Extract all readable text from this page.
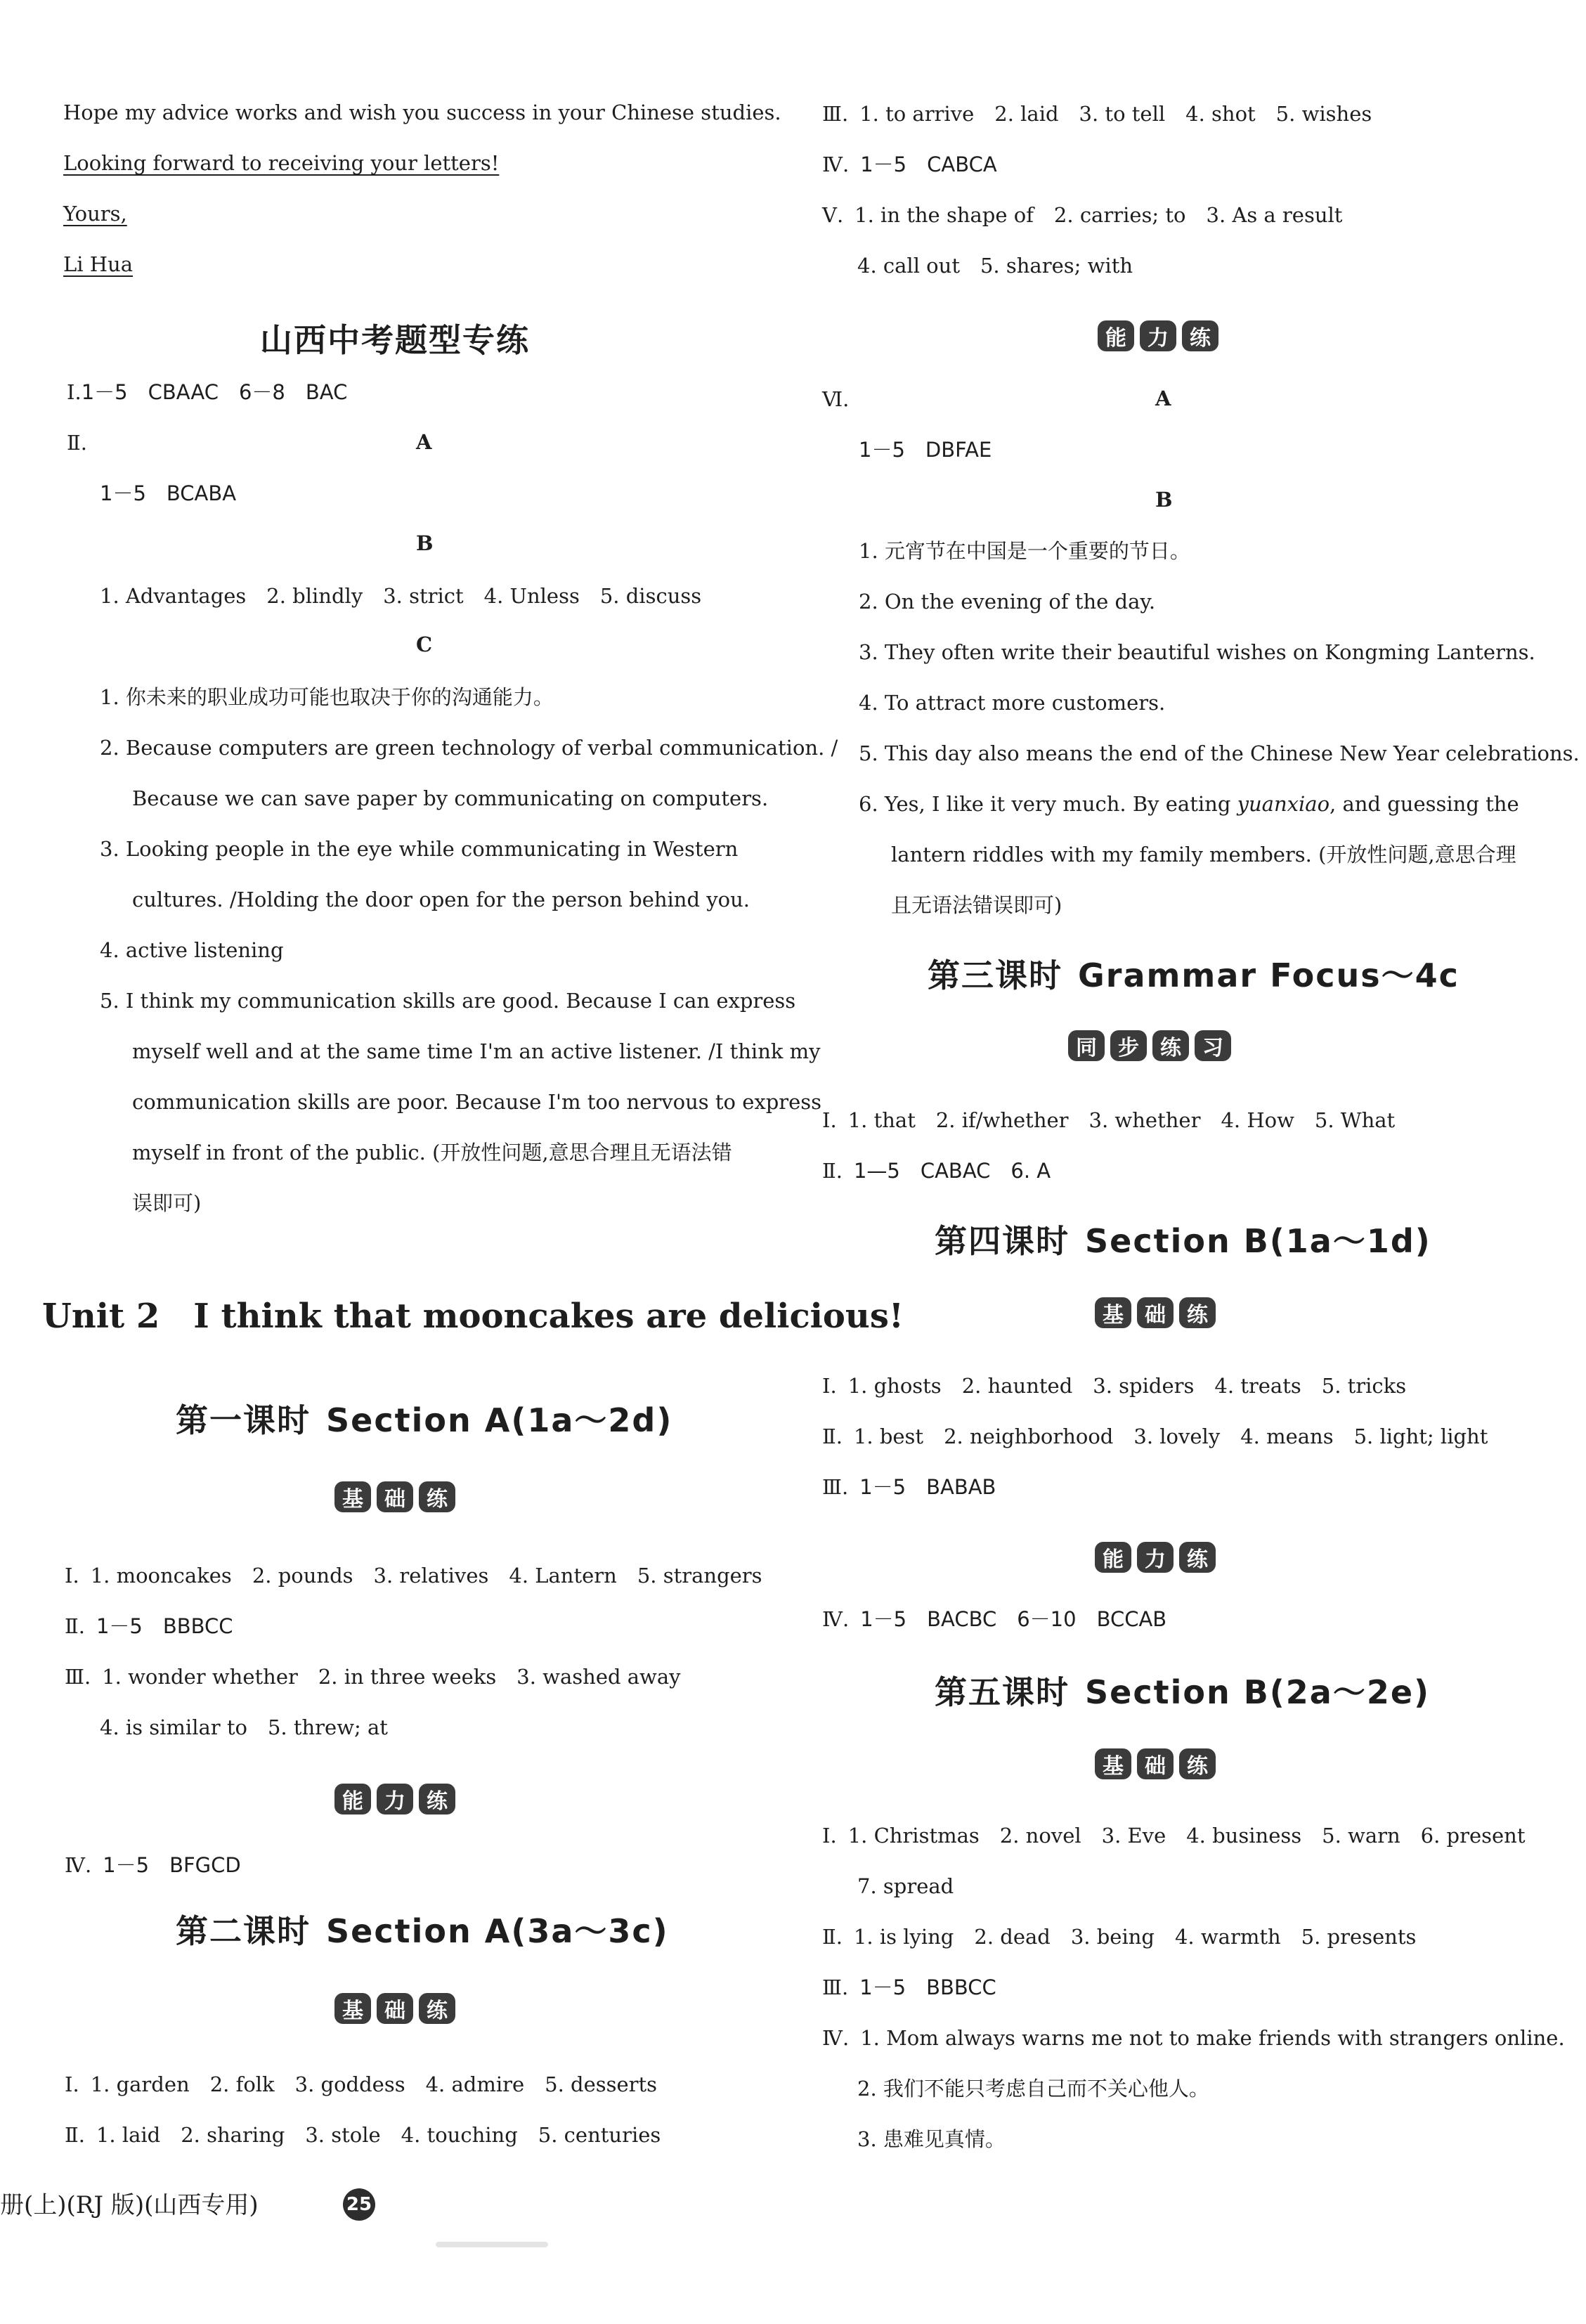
Hope my advice works and wish you success in your Chinese studies.
Looking forward to receiving your letters!
Yours,
Li Hua
山西中考题型专练
Ⅰ.1－5　CBAAC　6－8　BAC
Ⅱ.	A
1－5　BCABA
B
1. Advantages　2. blindly　3. strict　4. Unless　5. discuss
C
1. 你未来的职业成功可能也取决于你的沟通能力。
2. Because computers are green technology of verbal communication. /
Because we can save paper by communicating on computers.
3. Looking people in the eye while communicating in Western
cultures. /Holding the door open for the person behind you.
4. active listening
5. I think my communication skills are good. Because I can express
myself well and at the same time I'm an active listener. /I think my
communication skills are poor. Because I'm too nervous to express
myself in front of the public. (开放性问题,意思合理且无语法错
误即可)
Unit 2　I think that mooncakes are delicious!
第一课时 Section A(1a～2d)
基	础	练
Ⅰ. 1. mooncakes　2. pounds　3. relatives　4. Lantern　5. strangers
Ⅱ. 1－5　BBBCC
Ⅲ. 1. wonder whether　2. in three weeks　3. washed away
4. is similar to　5. threw; at
能	力	练
Ⅳ. 1－5　BFGCD
第二课时 Section A(3a～3c)
基	础	练
Ⅰ. 1. garden　2. folk　3. goddess　4. admire　5. desserts
Ⅱ. 1. laid　2. sharing　3. stole　4. touching　5. centuries
Ⅲ. 1. to arrive　2. laid　3. to tell　4. shot　5. wishes
Ⅳ. 1－5　CABCA
Ⅴ. 1. in the shape of　2. carries; to　3. As a result
4. call out　5. shares; with
能	力	练
Ⅵ.	A
1－5　DBFAE
B
1. 元宵节在中国是一个重要的节日。
2. On the evening of the day.
3. They often write their beautiful wishes on Kongming Lanterns.
4. To attract more customers.
5. This day also means the end of the Chinese New Year celebrations.
6. Yes, I like it very much. By eating yuanxiao, and guessing the
lantern riddles with my family members. (开放性问题,意思合理
且无语法错误即可)
第三课时 Grammar Focus～4c
同	步	练	习
Ⅰ. 1. that　2. if/whether　3. whether　4. How　5. What
Ⅱ. 1—5　CABAC　6. A
第四课时 Section B(1a～1d)
基	础	练
Ⅰ. 1. ghosts　2. haunted　3. spiders　4. treats　5. tricks
Ⅱ. 1. best　2. neighborhood　3. lovely　4. means　5. light; light
Ⅲ. 1－5　BABAB
能	力	练
Ⅳ. 1－5　BACBC　6－10　BCCAB
第五课时 Section B(2a～2e)
基	础	练
Ⅰ. 1. Christmas　2. novel　3. Eve　4. business　5. warn　6. present
7. spread
Ⅱ. 1. is lying　2. dead　3. being　4. warmth　5. presents
Ⅲ. 1－5　BBBCC
Ⅳ. 1. Mom always warns me not to make friends with strangers online.
2. 我们不能只考虑自己而不关心他人。
3. 患难见真情。
册(上)(RJ 版)(山西专用)	25
